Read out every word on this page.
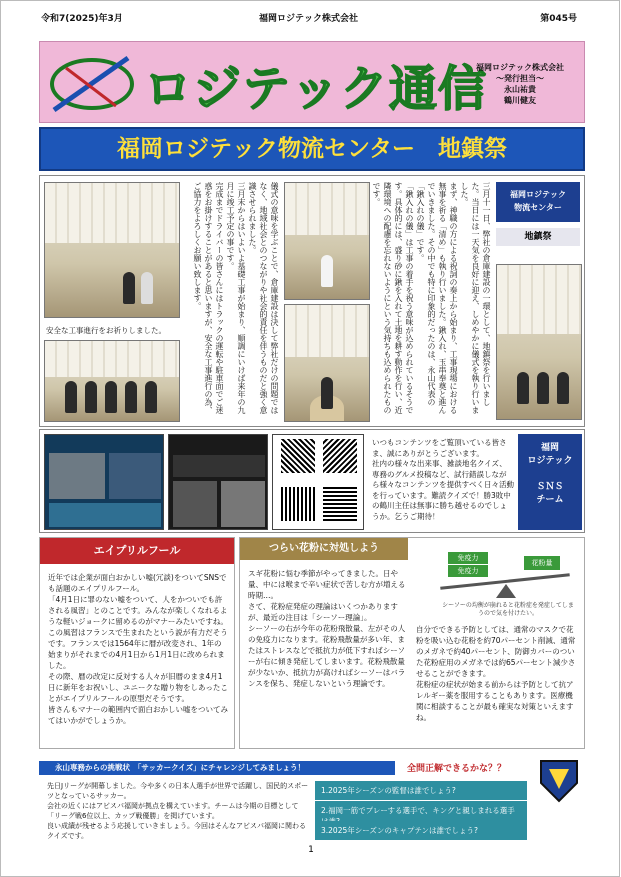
令和7(2025)年3月	福岡ロジテック株式会社	第045号
ロジテック通信
福岡ロジテック株式会社
～発行担当～
永山祐貴
鶴川健友
福岡ロジテック物流センター　地鎮祭
安全な工事進行をお祈りしました。	儀式の意味を学ぶことで、倉庫建設は決して弊社だけの問題ではなく、地域社会とのつながりや社会的責任を伴うものだと強く意識させられました。

三月末からはいよいよ基礎工事が始まり、順調にいけば来年の九月に竣工予定の事です。

完成までドライバーの皆さんにはトラックの運転や駐車面でご迷惑をお掛けすることがあると思いますが、安全な工事進行の為、ご協力をよろしくお願い致します。	三月十一日、弊社の倉庫建設の一環として、地鎮祭を行いました。当日には一天気を良好に迎え、しめやかに儀式を執り行いました。

まず、神職の方による祝詞の奏上から始まり、工事現場における無事を祈る「清め」も執り行いました。鍬入れ、玉串奉奠と進んでいきました。その中でも特に印象的だったのは、永山代表の「鍬入れの儀」です。

「鍬入れの儀」は工事の着手を祝う意味が込められているそうです。具体的には、盛り砂に鍬を入れて土地を耕す動作を行い、近隣環境への配慮を忘れないようにという気持ちも込められたものです。	福岡ロジテック
物流センター
地鎮祭
いつもコンテンツをご覧頂いている皆さま、誠にありがとうございます。
社内の様々な出来事、雑談地名クイズ、専務のグルメ投稿など、試行錯誤しながら様々なコンテンツを提供すべく日々活動を行っています。難読クイズで！勝3敗中の鶴川主任は無事に勝ち越せるのでしょうか。乞うご期待！
福岡
ロジテック

ＳＮＳ
チーム
エイプリルフール

近年では企業が面白おかしい嘘(冗談)をついてSNSでも話題のエイプリルフール。

「4月1日に罪のない嘘をついて、人をかついでも許される風習」とのことです。みんなが楽しくなれるような軽いジョークに留めるのがマナーみたいですね。

この風習はフランスで生まれたという説が有力だそうです。フランスでは1564年に暦が改変され、1年の始まりがそれまでの4月1日から1月1日に改められました。

その際、暦の改定に反対する人々が旧暦のまま4月1日に新年をお祝いし、ユニークな贈り物をしあったことがエイプリルフールの原型だそうです。

皆さんもマナーの範囲内で面白おかしい嘘をついてみてはいかがでしょうか。

つらい花粉に対処しよう

スギ花粉に悩む季節がやってきました。日や量、中には喉まで辛い症状で苦しむ方が増える時期…。

さて、花粉症発症の理論はいくつかありますが、最近の注目は「シーソー理論」。

シーソーの右が今年の花粉飛散量、左がその人の免疫力になります。花粉飛散量が多い年、またはストレスなどで抵抗力が低下すればシーソーが右に傾き発症してしまいます。花粉飛散量が少ないか、抵抗力が高ければシーソーはバランスを保ち、発症しないという理論です。

免疫力
免疫力
花粉量
シーソーの均衡が崩れると花粉症を発症してしまうので気を付けたい。

自分でできる予防としては、通常のマスクで花粉を吸い込む花粉を約70パーセント削減、通常のメガネで約40パーセント、防御カバーのついた花粉症用のメガネでは約65パーセント減少させることができます。

花粉症の症状が始まる前からは予防として抗アレルギー薬を服用することもあります。医療機関に相談することが最も確実な対策といえますね。

永山専務からの挑戦状　「サッカークイズ」にチャレンジしてみましょう！	全問正解できるかな？？

先日Jリーグが開幕しました。今や多くの日本人選手が世界で活躍し、国民的スポーツとなっているサッカー。

会社の近くにはアビスパ福岡が拠点を構えています。チームは今期の目標として「リーグ戦6位以上、カップ戦優勝」を掲げています。

良い成績が残せるよう応援していきましょう。今回はそんなアビスパ福岡に関わるクイズです。

1.2025年シーズンの監督は誰でしょう?
2.福岡一筋でプレーする選手で、キングと親しまれる選手
3.2025年シーズンのキャプテンは誰でしょう?
1
